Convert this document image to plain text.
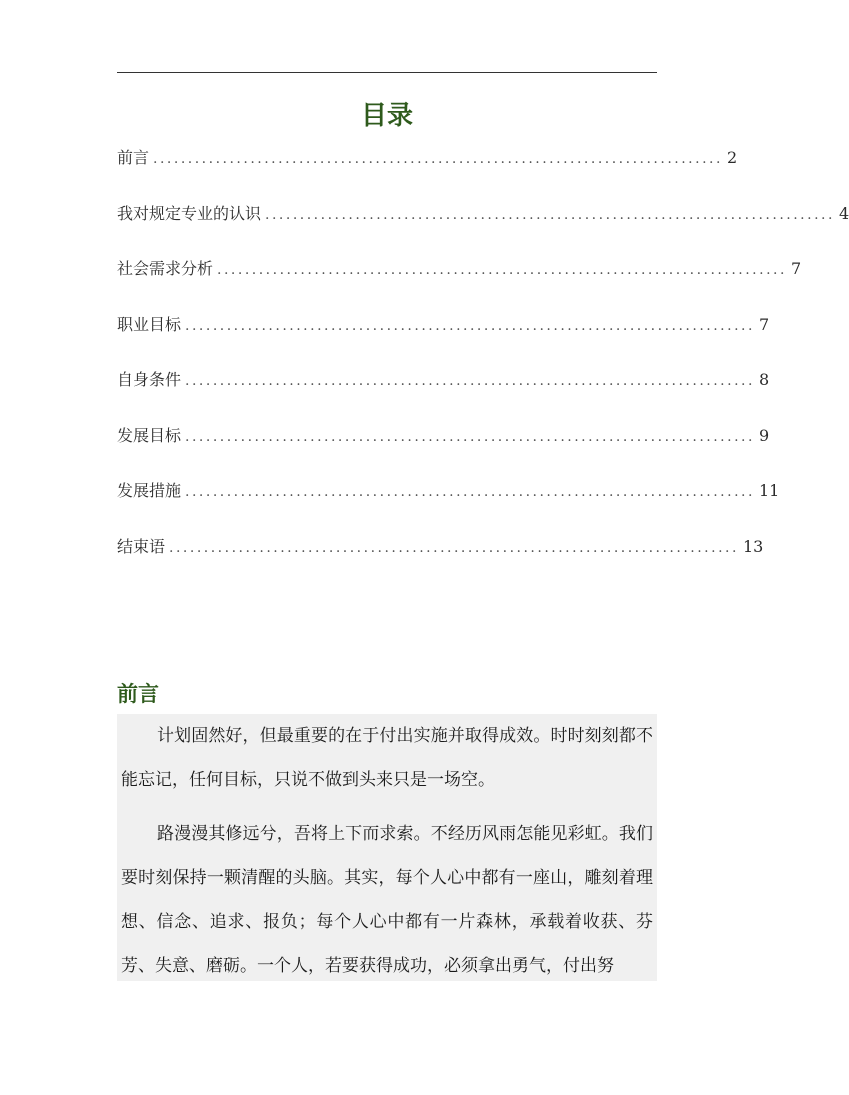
目录
前言 .................................................................................. 2
我对规定专业的认识 .................................................................................. 4
社会需求分析 .................................................................................. 7
职业目标 .................................................................................. 7
自身条件 .................................................................................. 8
发展目标 .................................................................................. 9
发展措施 .................................................................................. 11
结束语 .................................................................................. 13
前言

计划固然好，但最重要的在于付出实施并取得成效。时时刻刻都不能忘记，任何目标，只说不做到头来只是一场空。

路漫漫其修远兮，吾将上下而求索。不经历风雨怎能见彩虹。我们要时刻保持一颗清醒的头脑。其实，每个人心中都有一座山，雕刻着理想、信念、追求、报负；每个人心中都有一片森林，承载着收获、芬芳、失意、磨砺。一个人，若要获得成功，必须拿出勇气，付出努
